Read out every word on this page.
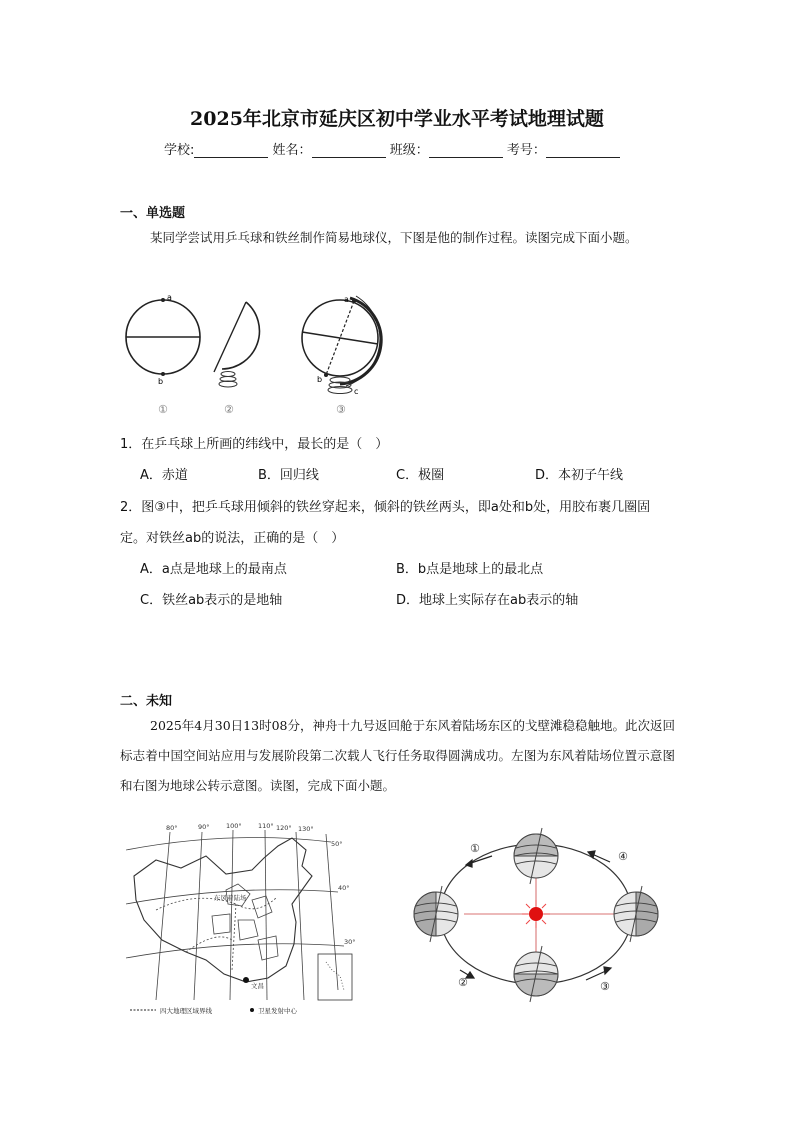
2025年北京市延庆区初中学业水平考试地理试题
学校:	姓名：	班级：	考号：
一、单选题
某同学尝试用乒乓球和铁丝制作简易地球仪，下图是他的制作过程。读图完成下面小题。
a
b
①	②
a
b
c
③
1．在乒乓球上所画的纬线中，最长的是（　）
A．赤道	B．回归线	C．极圈	D．本初子午线
2．图③中，把乒乓球用倾斜的铁丝穿起来，倾斜的铁丝两头，即a处和b处，用胶布裹几圈固定。对铁丝ab的说法，正确的是（　）
A．a点是地球上的最南点	B．b点是地球上的最北点
C．铁丝ab表示的是地轴	D．地球上实际存在ab表示的轴
二、未知
2025年4月30日13时08分，神舟十九号返回舱于东风着陆场东区的戈壁滩稳稳触地。此次返回标志着中国空间站应用与发展阶段第二次载人飞行任务取得圆满成功。左图为东风着陆场位置示意图和右图为地球公转示意图。读图，完成下面小题。
80°	90°	100°	110° 120° 130°
50°
40°
30°
东风着陆场
文昌
四大地理区域界线	卫星发射中心
①
②	③
④
